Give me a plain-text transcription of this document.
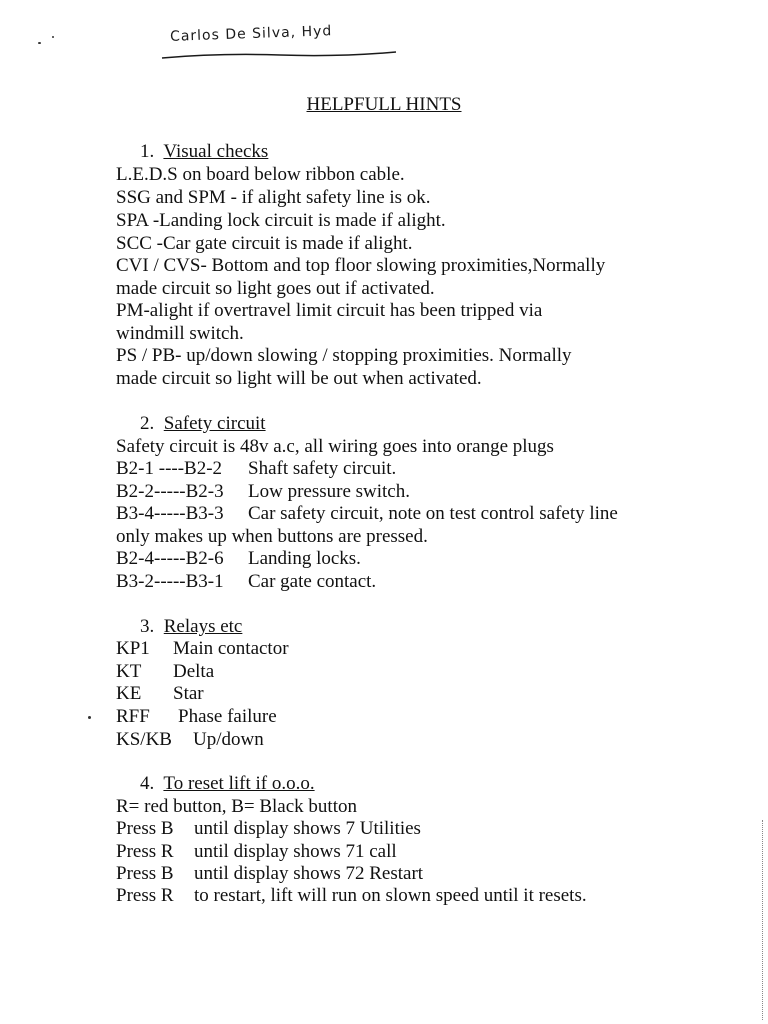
Carlos De Silva, Hyd
HELPFULL HINTS
1. Visual checks
L.E.D.S on board below ribbon cable.
SSG and SPM - if alight safety line is ok.
SPA -Landing lock circuit is made if alight.
SCC -Car gate circuit is made if alight.
CVI / CVS- Bottom and top floor slowing proximities,Normally
made circuit so light goes out if activated.
PM-alight if overtravel limit circuit has been tripped via
windmill switch.
PS / PB- up/down slowing / stopping proximities. Normally
made circuit so light will be out when activated.
2. Safety circuit
Safety circuit is 48v a.c, all wiring goes into orange plugs
B2-1 ----B2-2 Shaft safety circuit.
B2-2-----B2-3 Low pressure switch.
B3-4-----B3-3 Car safety circuit, note on test control safety line
only makes up when buttons are pressed.
B2-4-----B2-6 Landing locks.
B3-2-----B3-1 Car gate contact.
3. Relays etc
KP1 Main contactor
KT Delta
KE Star
RFF Phase failure
KS/KB Up/down
4. To reset lift if o.o.o.
R= red button, B= Black button
Press B until display shows 7 Utilities
Press R until display shows 71 call
Press B until display shows 72 Restart
Press R to restart, lift will run on slown speed until it resets.
